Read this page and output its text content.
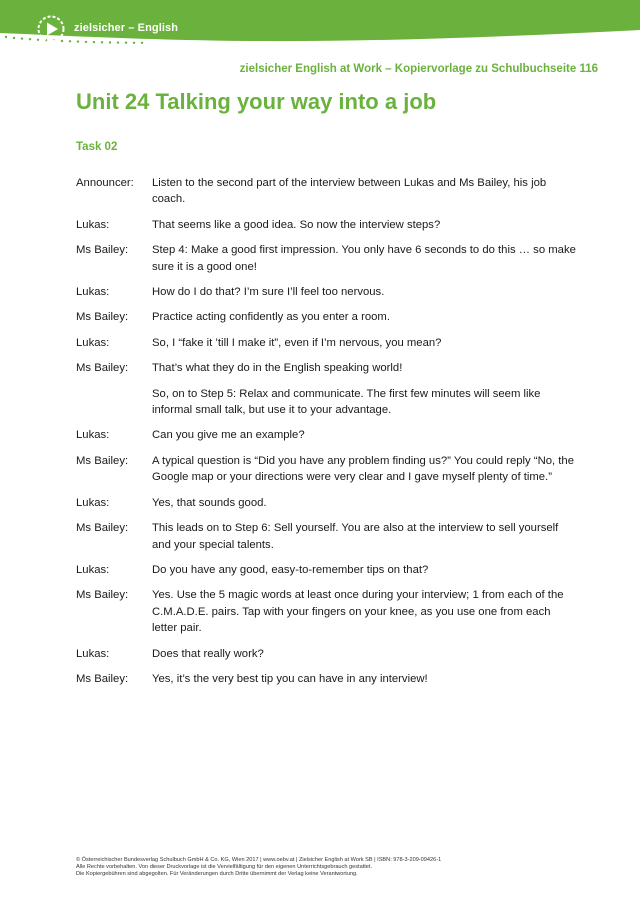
zielsicher – English
zielsicher English at Work – Kopiervorlage zu Schulbuchseite 116
Unit 24 Talking your way into a job
Task 02
Announcer:	Listen to the second part of the interview between Lukas and Ms Bailey, his job coach.
Lukas:	That seems like a good idea. So now the interview steps?
Ms Bailey:	Step 4: Make a good first impression. You only have 6 seconds to do this … so make sure it is a good one!
Lukas:	How do I do that? I’m sure I’ll feel too nervous.
Ms Bailey:	Practice acting confidently as you enter a room.
Lukas:	So, I “fake it ’till I make it”, even if I’m nervous, you mean?
Ms Bailey:	That’s what they do in the English speaking world!
So, on to Step 5: Relax and communicate. The first few minutes will seem like informal small talk, but use it to your advantage.
Lukas:	Can you give me an example?
Ms Bailey:	A typical question is “Did you have any problem finding us?” You could reply “No, the Google map or your directions were very clear and I gave myself plenty of time.”
Lukas:	Yes, that sounds good.
Ms Bailey:	This leads on to Step 6: Sell yourself. You are also at the interview to sell yourself and your special talents.
Lukas:	Do you have any good, easy-to-remember tips on that?
Ms Bailey:	Yes. Use the 5 magic words at least once during your interview; 1 from each of the C.M.A.D.E. pairs. Tap with your fingers on your knee, as you use one from each letter pair.
Lukas:	Does that really work?
Ms Bailey:	Yes, it’s the very best tip you can have in any interview!
© Österreichischer Bundesverlag Schulbuch GmbH & Co. KG, Wien 2017 | www.oebv.at | Zielsicher English at Work SB | ISBN: 978-3-209-09426-1
Alle Rechte vorbehalten. Von dieser Druckvorlage ist die Vervielfältigung für den eigenen Unterrichtsgebrauch gestattet.
Die Kopiergebühren sind abgegolten. Für Veränderungen durch Dritte übernimmt der Verlag keine Verantwortung.
